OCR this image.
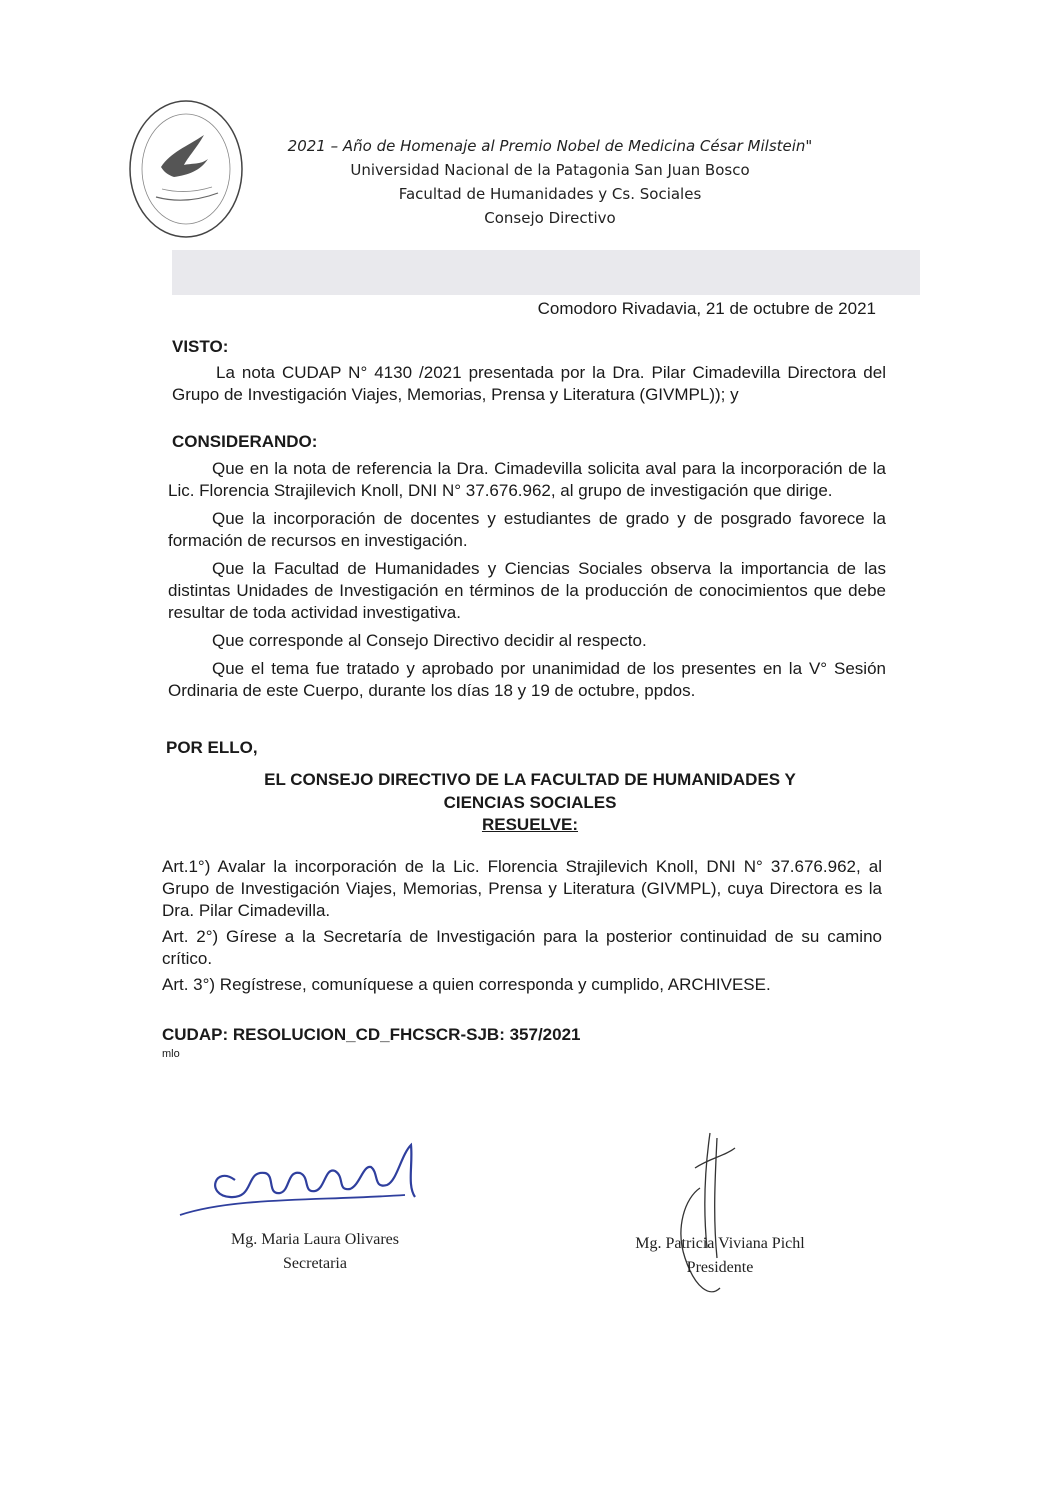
2021 – Año de Homenaje al Premio Nobel de Medicina César Milstein"
Universidad Nacional de la Patagonia San Juan Bosco
Facultad de Humanidades y Cs. Sociales
Consejo Directivo
Comodoro Rivadavia, 21 de octubre de 2021
VISTO:
La nota CUDAP N° 4130 /2021 presentada por la Dra. Pilar Cimadevilla Directora del Grupo de Investigación Viajes, Memorias, Prensa y Literatura (GIVMPL)); y
CONSIDERANDO:

Que en la nota de referencia la Dra. Cimadevilla solicita aval para la incorporación de la Lic. Florencia Strajilevich Knoll, DNI N° 37.676.962, al grupo de investigación que dirige.

Que la incorporación de docentes y estudiantes de grado y de posgrado favorece la formación de recursos en investigación.

Que la Facultad de Humanidades y Ciencias Sociales observa la importancia de las distintas Unidades de Investigación en términos de la producción de conocimientos que debe resultar de toda actividad investigativa.

Que corresponde al Consejo Directivo decidir al respecto.

Que el tema fue tratado y aprobado por unanimidad de los presentes en la V° Sesión Ordinaria de este Cuerpo, durante los días 18 y 19 de octubre, ppdos.

POR ELLO,
EL CONSEJO DIRECTIVO DE LA FACULTAD DE HUMANIDADES Y
CIENCIAS SOCIALES
RESUELVE:

Art.1°) Avalar la incorporación de la Lic. Florencia Strajilevich Knoll, DNI N° 37.676.962, al Grupo de Investigación Viajes, Memorias, Prensa y Literatura (GIVMPL), cuya Directora es la Dra. Pilar Cimadevilla.

Art. 2°) Gírese a la Secretaría de Investigación para la posterior continuidad de su camino crítico.

Art. 3°) Regístrese, comuníquese a quien corresponda y cumplido, ARCHIVESE.

CUDAP: RESOLUCION_CD_FHCSCR-SJB: 357/2021
mlo
Mg. Maria Laura Olivares
Secretaria
Mg. Patricia Viviana Pichl
Presidente
